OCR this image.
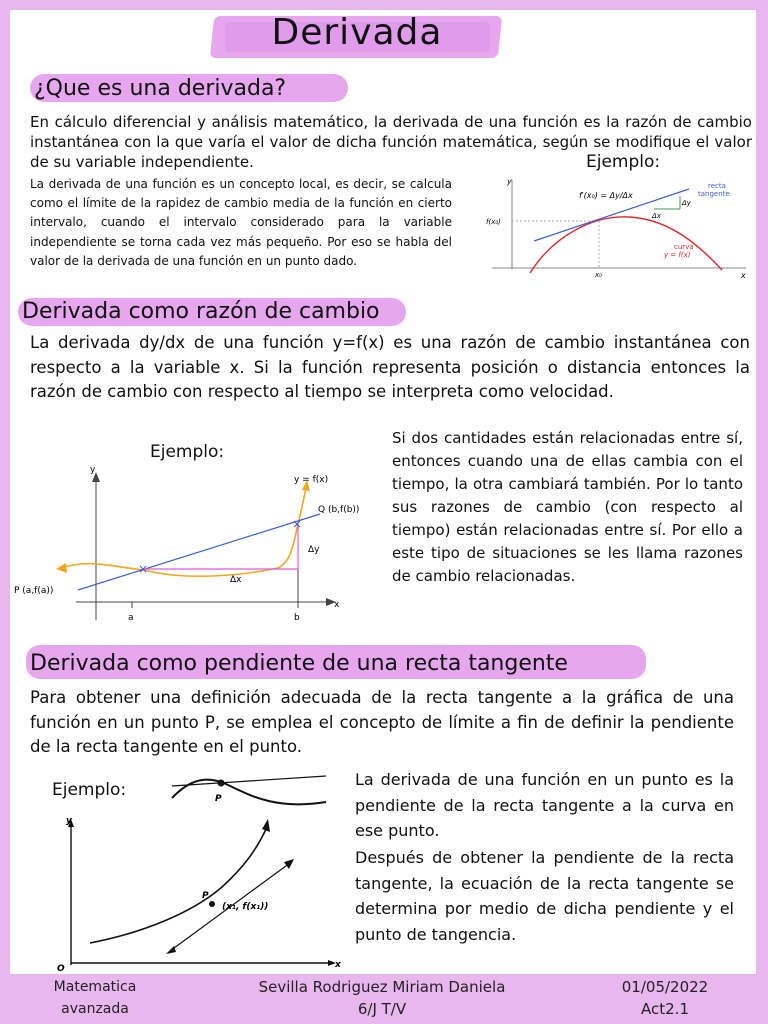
Derivada
¿Que es una derivada?
En cálculo diferencial y análisis matemático, la derivada de una función es la razón de cambio instantánea con la que varía el valor de dicha función matemática, según se modifique el valor de su variable independiente.
La derivada de una función es un concepto local, es decir, se calcula como el límite de la rapidez de cambio media de la función en cierto intervalo, cuando el intervalo considerado para la variable independiente se torna cada vez más pequeño. Por eso se habla del valor de la derivada de una función en un punto dado.
Ejemplo:
y
x
f(x₀)
x₀
f′(x₀) = Δy/Δx
Δy
Δx
recta
tangente
curva
y = f(x)
Derivada como razón de cambio
La derivada dy/dx de una función y=f(x) es una razón de cambio instantánea con respecto a la variable x. Si la función representa posición o distancia entonces la razón de cambio con respecto al tiempo se interpreta como velocidad.
Ejemplo:
Si dos cantidades están relacionadas entre sí, entonces cuando una de ellas cambia con el tiempo, la otra cambiará también. Por lo tanto sus razones de cambio (con respecto al tiempo) están relacionadas entre sí. Por ello a este tipo de situaciones se les llama razones de cambio relacionadas.
y
x
a	b
×
×
y = f(x)
Q (b,f(b))
P (a,f(a))
Δy
Δx
Derivada como pendiente de una recta tangente
Para obtener una definición adecuada de la recta tangente a la gráfica de una función en un punto P, se emplea el concepto de límite a fin de definir la pendiente de la recta tangente en el punto.
Ejemplo:
La derivada de una función en un punto es la pendiente de la recta tangente a la curva en ese punto.
Después de obtener la pendiente de la recta tangente, la ecuación de la recta tangente se determina por medio de dicha pendiente y el punto de tangencia.
P
y
x
O
P
(x₁, f(x₁))
Matematica
avanzada
Sevilla Rodriguez Miriam Daniela
6/J T/V
01/05/2022
Act2.1
